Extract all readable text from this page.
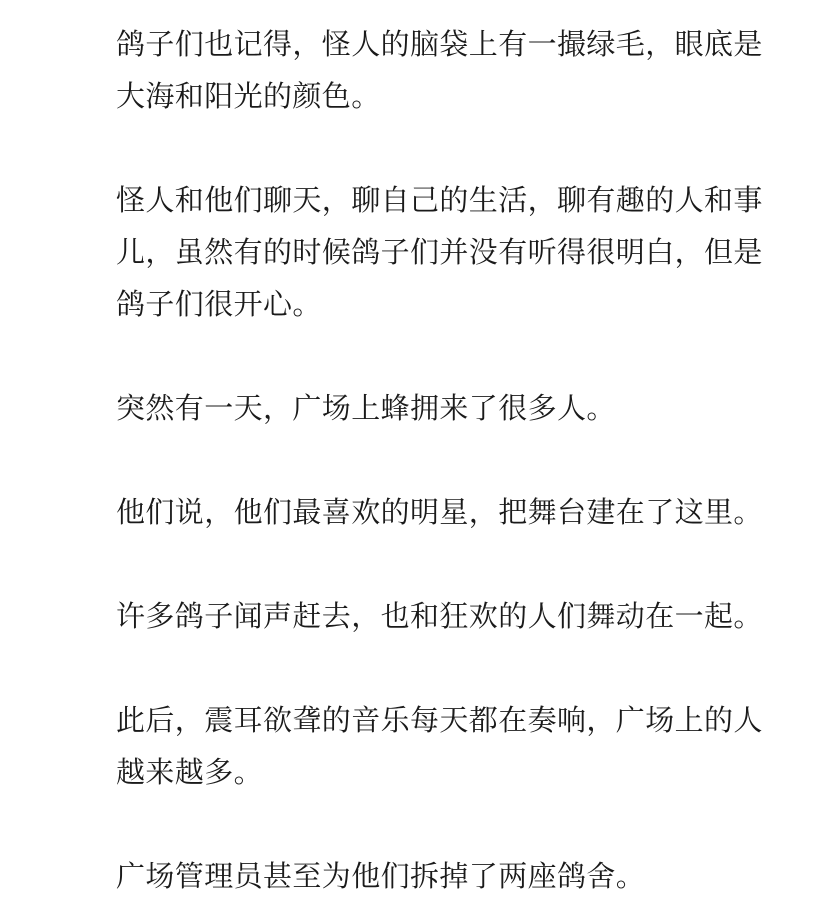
鸽子们也记得，怪人的脑袋上有一撮绿毛，眼底是大海和阳光的颜色。

怪人和他们聊天，聊自己的生活，聊有趣的人和事儿，虽然有的时候鸽子们并没有听得很明白，但是鸽子们很开心。

突然有一天，广场上蜂拥来了很多人。

他们说，他们最喜欢的明星，把舞台建在了这里。

许多鸽子闻声赶去，也和狂欢的人们舞动在一起。

此后，震耳欲聋的音乐每天都在奏响，广场上的人越来越多。

广场管理员甚至为他们拆掉了两座鸽舍。
